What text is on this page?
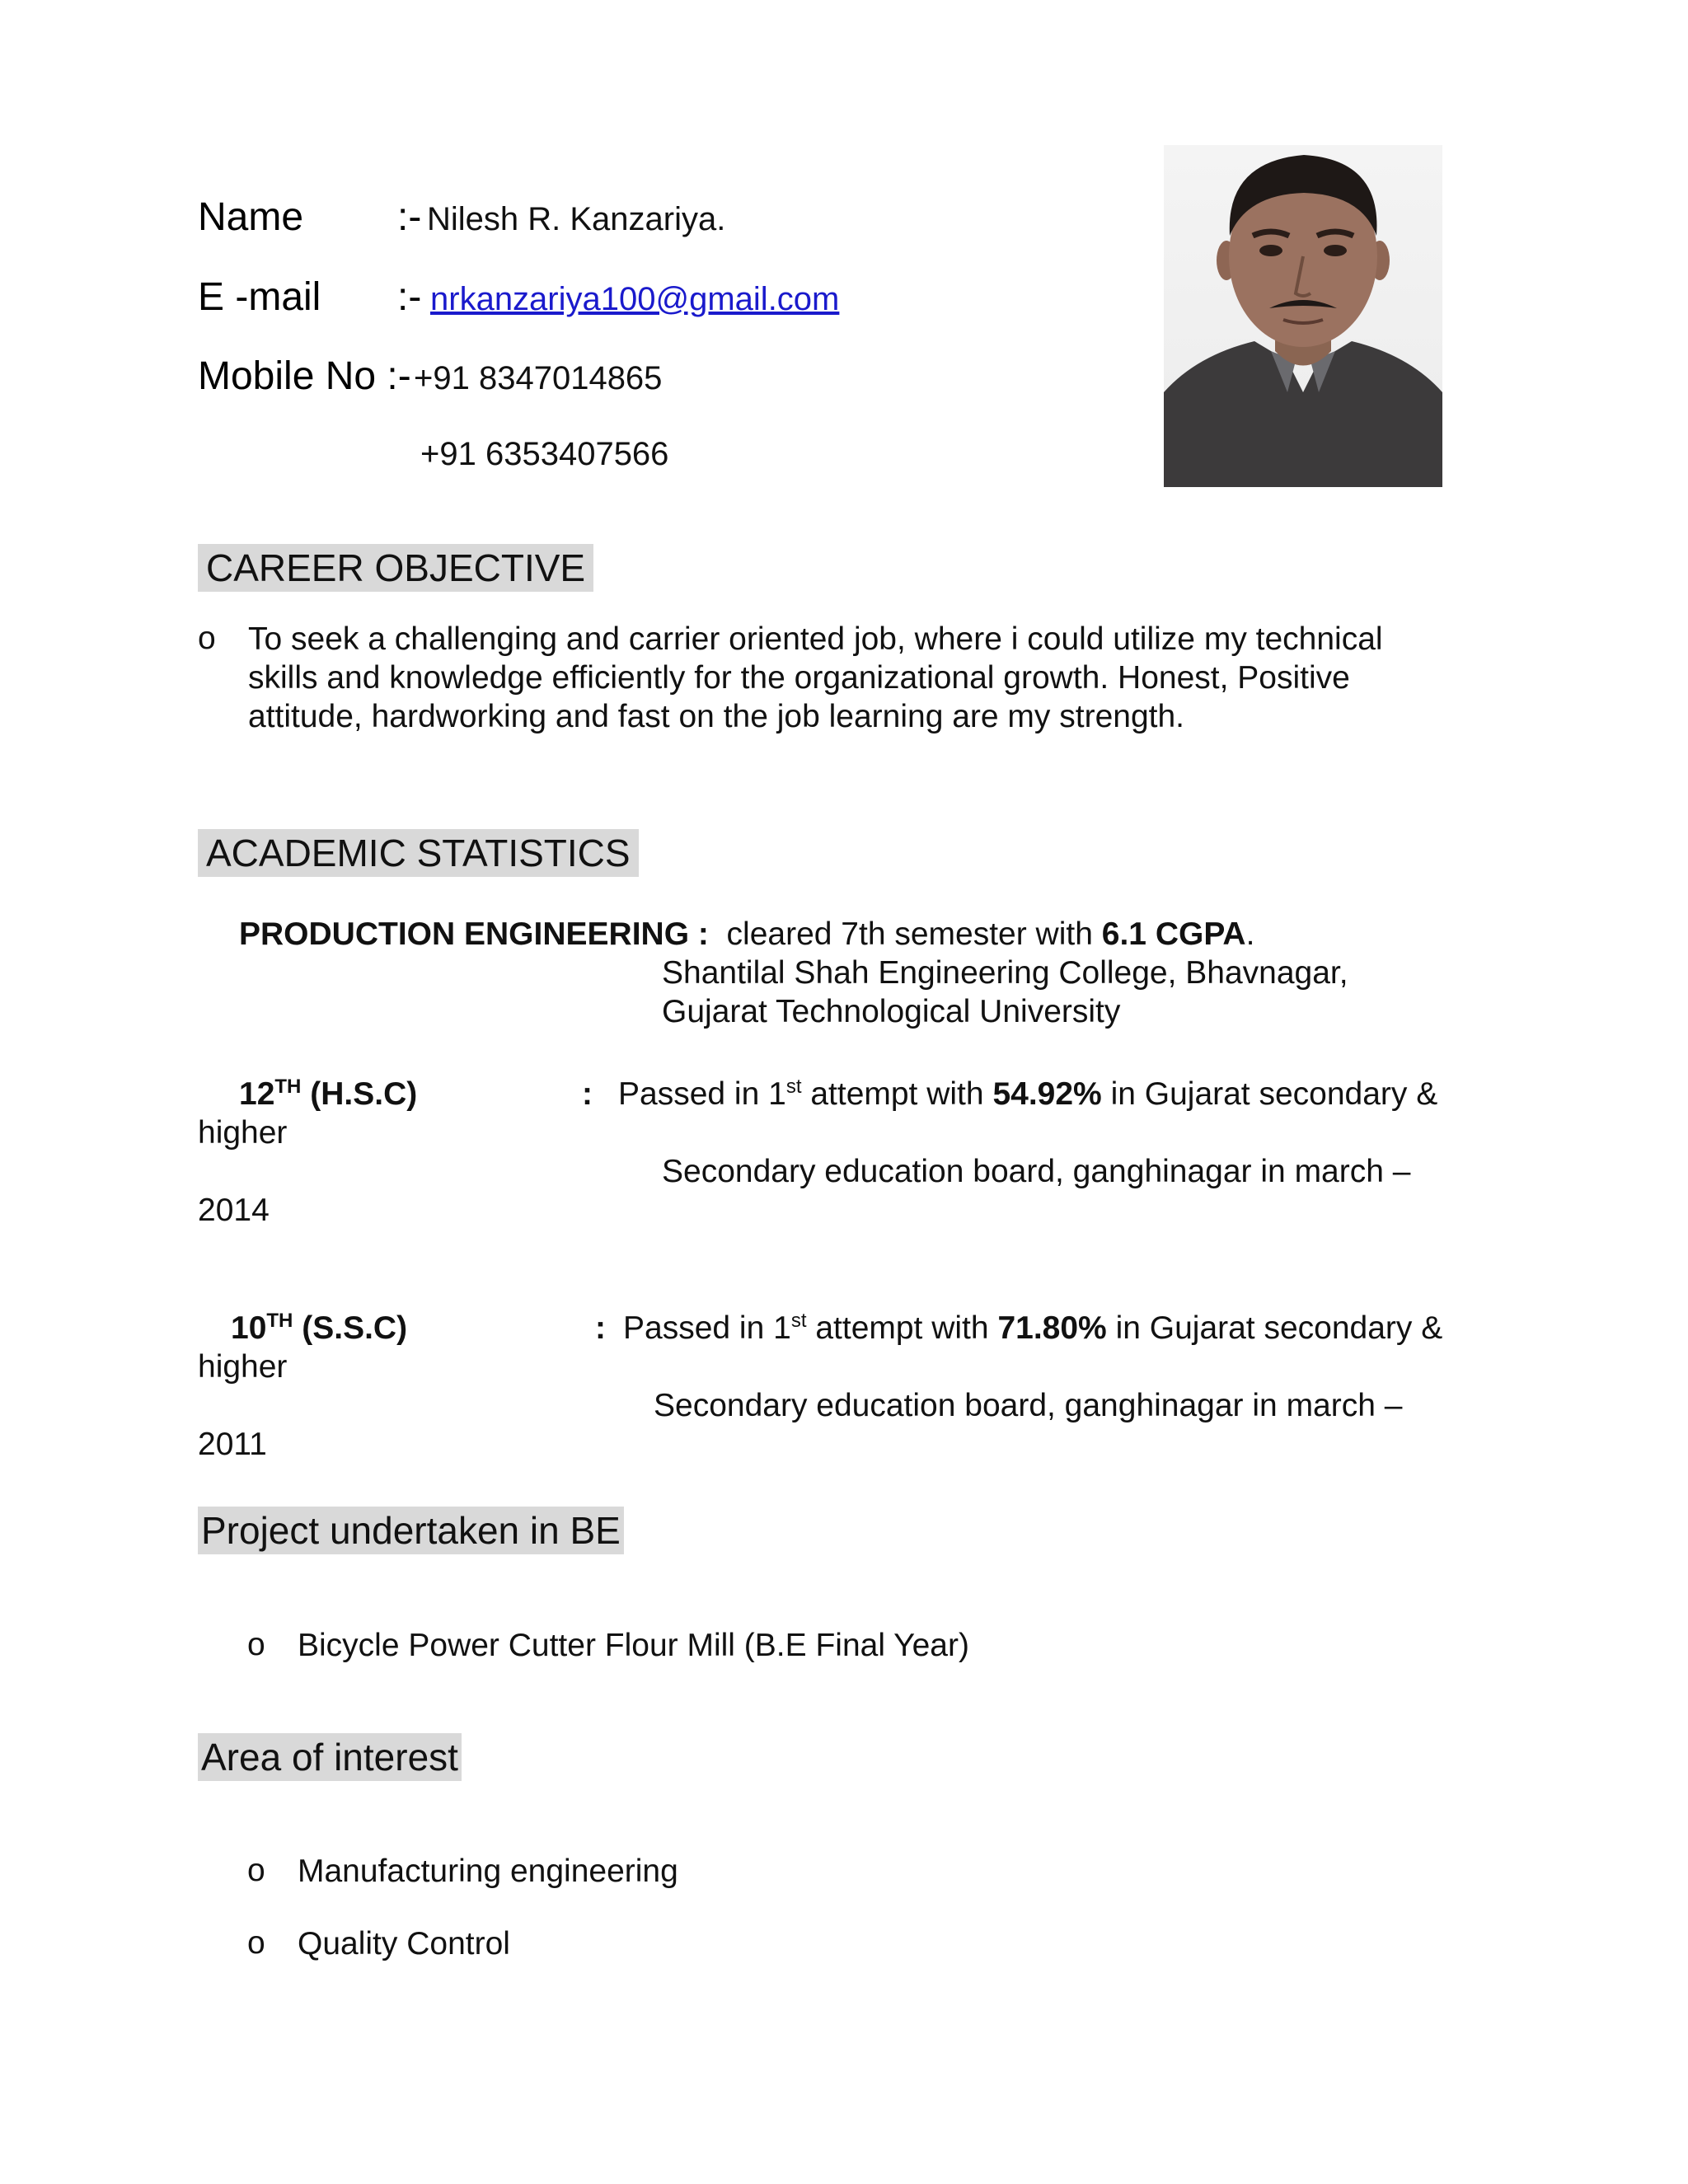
Name :- Nilesh R. Kanzariya.
E -mail :- nrkanzariya100@gmail.com
Mobile No :- +91 8347014865
+91 6353407566
CAREER OBJECTIVE
o To seek a challenging and carrier oriented job, where i could utilize my technical
skills and knowledge efficiently for the organizational growth. Honest, Positive
attitude, hardworking and fast on the job learning are my strength.
ACADEMIC STATISTICS
PRODUCTION ENGINEERING : cleared 7th semester with 6.1 CGPA.
Shantilal Shah Engineering College, Bhavnagar,
Gujarat Technological University
12TH (H.S.C)	: Passed in 1st attempt with 54.92% in Gujarat secondary &
higher
Secondary education board, ganghinagar in march –
2014
10TH (S.S.C)	: Passed in 1st attempt with 71.80% in Gujarat secondary &
higher
Secondary education board, ganghinagar in march –
2011
Project undertaken in BE
o Bicycle Power Cutter Flour Mill (B.E Final Year)
Area of interest
o Manufacturing engineering
o Quality Control
